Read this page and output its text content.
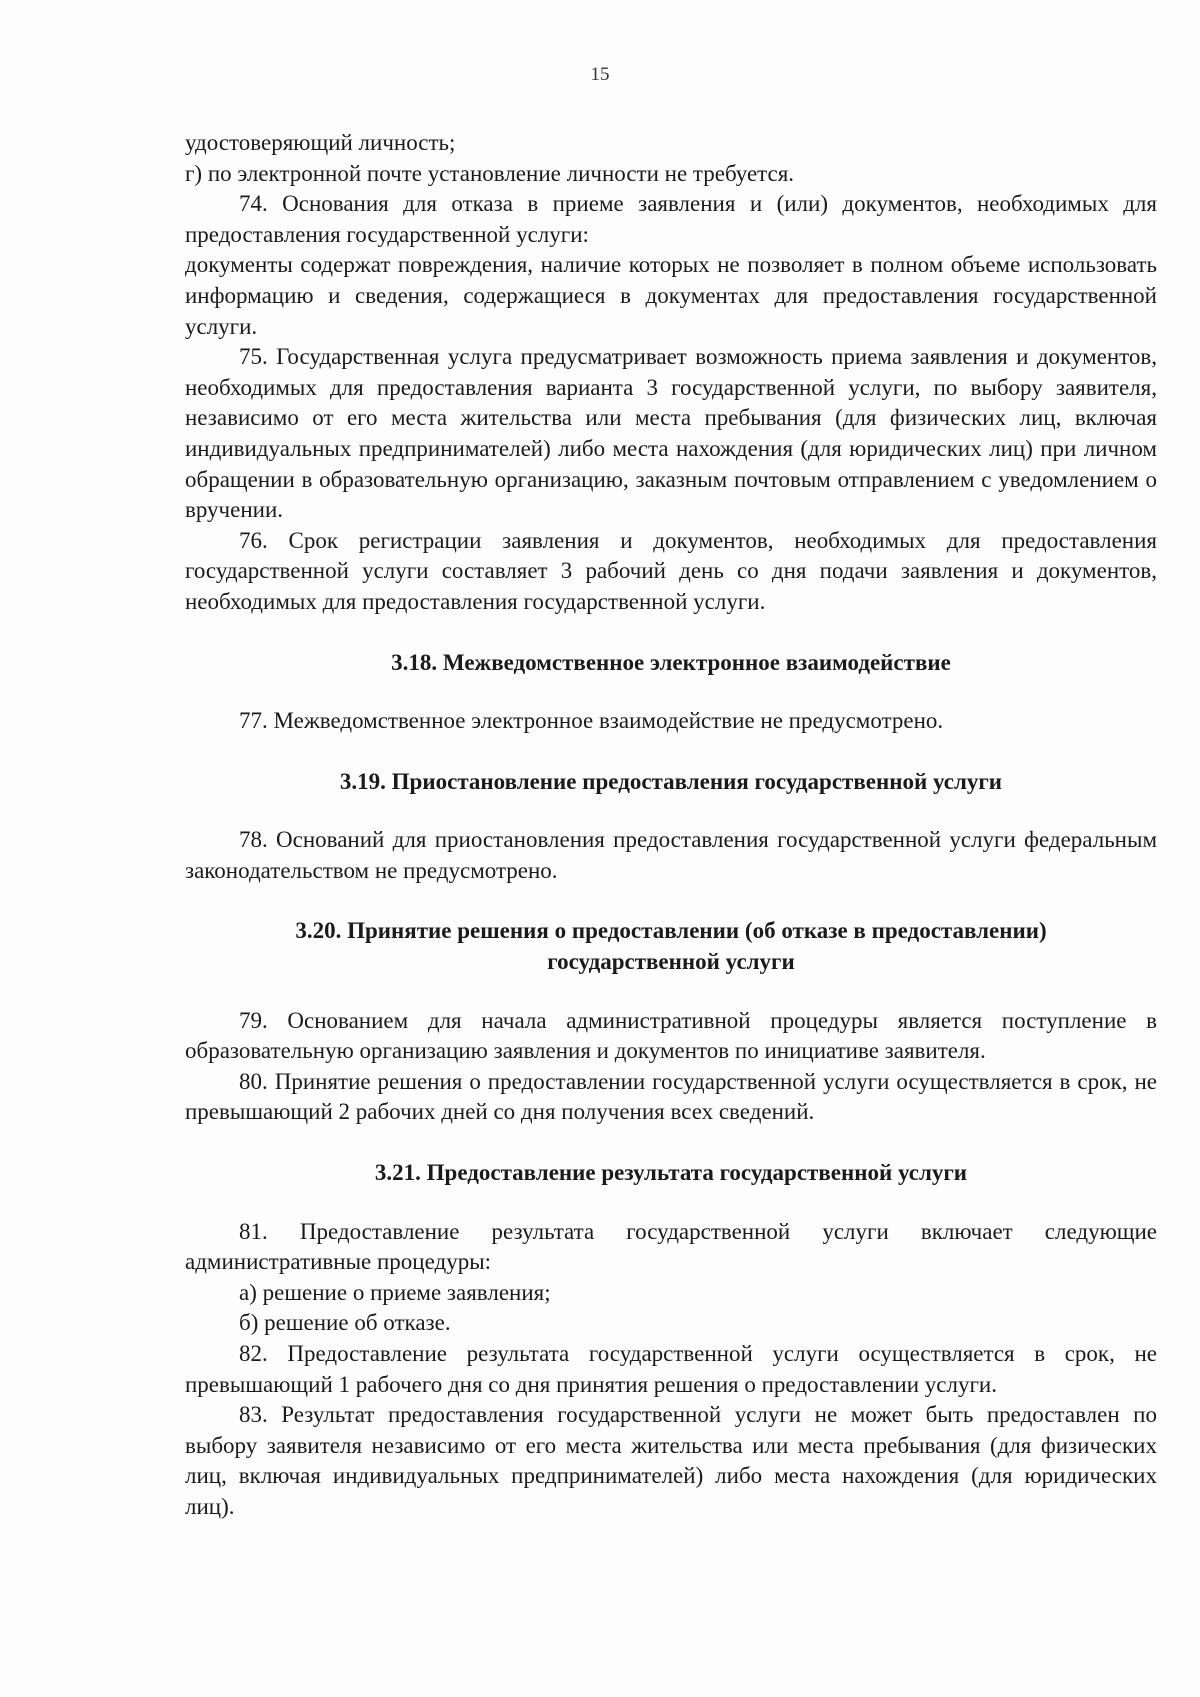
15

удостоверяющий личность;

г) по электронной почте установление личности не требуется.

74. Основания для отказа в приеме заявления и (или) документов, необходимых для предоставления государственной услуги:

документы содержат повреждения, наличие которых не позволяет в полном объеме использовать информацию и сведения, содержащиеся в документах для предоставления государственной услуги.

75. Государственная услуга предусматривает возможность приема заявления и документов, необходимых для предоставления варианта 3 государственной услуги, по выбору заявителя, независимо от его места жительства или места пребывания (для физических лиц, включая индивидуальных предпринимателей) либо места нахождения (для юридических лиц) при личном обращении в образовательную организацию, заказным почтовым отправлением с уведомлением о вручении.

76. Срок регистрации заявления и документов, необходимых для предоставления государственной услуги составляет 3 рабочий день со дня подачи заявления и документов, необходимых для предоставления государственной услуги.

3.18. Межведомственное электронное взаимодействие

77. Межведомственное электронное взаимодействие не предусмотрено.

3.19. Приостановление предоставления государственной услуги

78. Оснований для приостановления предоставления государственной услуги федеральным законодательством не предусмотрено.

3.20. Принятие решения о предоставлении (об отказе в предоставлении)
государственной услуги

79. Основанием для начала административной процедуры является поступление в образовательную организацию заявления и документов по инициативе заявителя.

80. Принятие решения о предоставлении государственной услуги осуществляется в срок, не превышающий 2 рабочих дней со дня получения всех сведений.

3.21. Предоставление результата государственной услуги

81. Предоставление результата государственной услуги включает следующие административные процедуры:

а) решение о приеме заявления;

б) решение об отказе.

82. Предоставление результата государственной услуги осуществляется в срок, не превышающий 1 рабочего дня со дня принятия решения о предоставлении услуги.

83. Результат предоставления государственной услуги не может быть предоставлен по выбору заявителя независимо от его места жительства или места пребывания (для физических лиц, включая индивидуальных предпринимателей) либо места нахождения (для юридических лиц).
